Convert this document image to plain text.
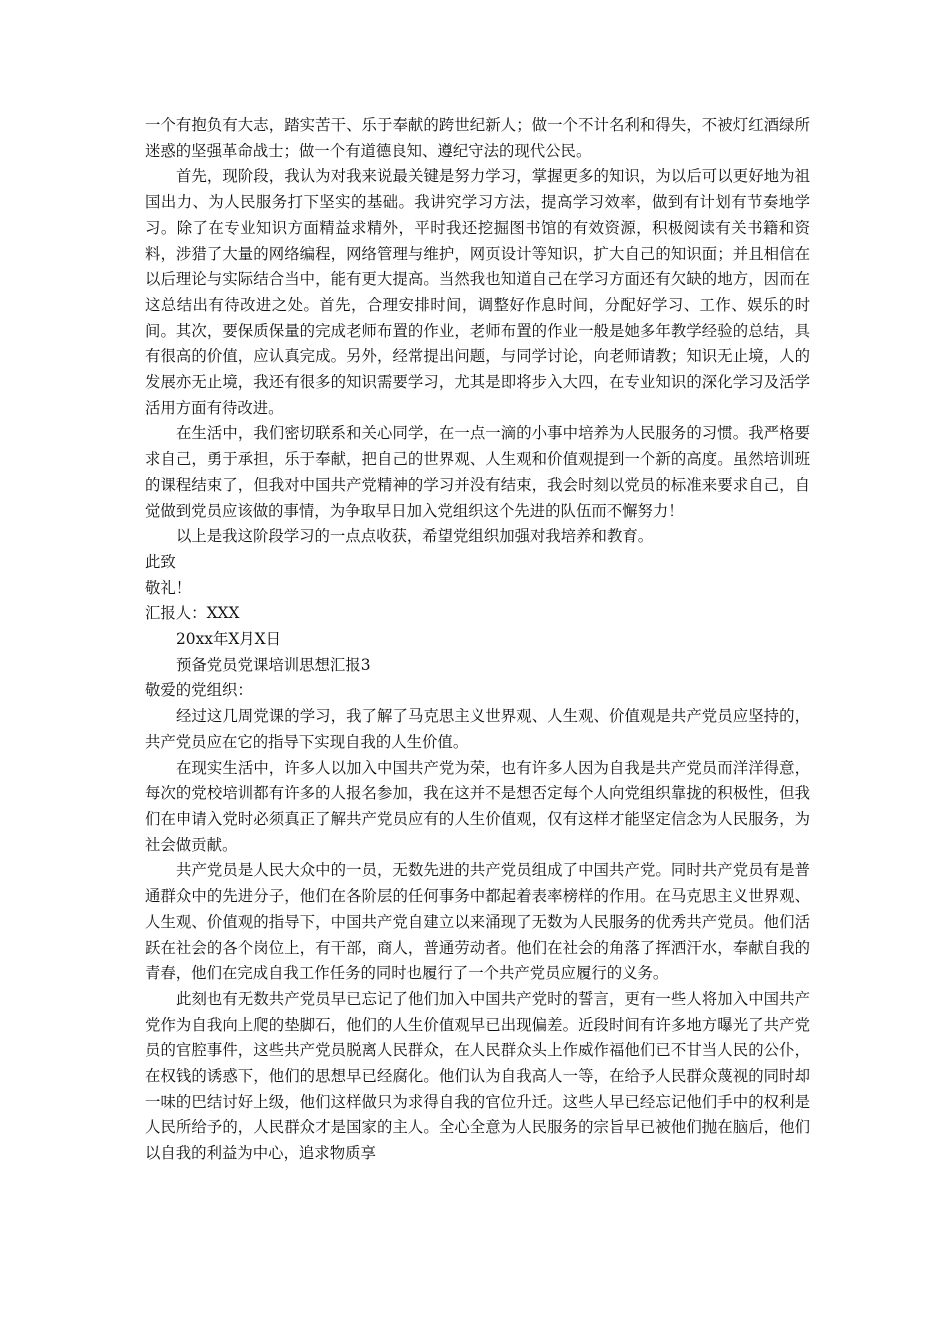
一个有抱负有大志，踏实苦干、乐于奉献的跨世纪新人；做一个不计名利和得失，不被灯红酒绿所迷惑的坚强革命战士；做一个有道德良知、遵纪守法的现代公民。

首先，现阶段，我认为对我来说最关键是努力学习，掌握更多的知识，为以后可以更好地为祖国出力、为人民服务打下坚实的基础。我讲究学习方法，提高学习效率，做到有计划有节奏地学习。除了在专业知识方面精益求精外，平时我还挖掘图书馆的有效资源，积极阅读有关书籍和资料，涉猎了大量的网络编程，网络管理与维护，网页设计等知识，扩大自己的知识面；并且相信在以后理论与实际结合当中，能有更大提高。当然我也知道自己在学习方面还有欠缺的地方，因而在这总结出有待改进之处。首先，合理安排时间，调整好作息时间，分配好学习、工作、娱乐的时间。其次，要保质保量的完成老师布置的作业，老师布置的作业一般是她多年教学经验的总结，具有很高的价值，应认真完成。另外，经常提出问题，与同学讨论，向老师请教；知识无止境，人的发展亦无止境，我还有很多的知识需要学习，尤其是即将步入大四，在专业知识的深化学习及活学活用方面有待改进。

在生活中，我们密切联系和关心同学，在一点一滴的小事中培养为人民服务的习惯。我严格要求自己，勇于承担，乐于奉献，把自己的世界观、人生观和价值观提到一个新的高度。虽然培训班的课程结束了，但我对中国共产党精神的学习并没有结束，我会时刻以党员的标准来要求自己，自觉做到党员应该做的事情，为争取早日加入党组织这个先进的队伍而不懈努力！

以上是我这阶段学习的一点点收获，希望党组织加强对我培养和教育。

此致

敬礼！

汇报人：XXX

20xx年X月X日

预备党员党课培训思想汇报3

敬爱的党组织：

经过这几周党课的学习，我了解了马克思主义世界观、人生观、价值观是共产党员应坚持的，共产党员应在它的指导下实现自我的人生价值。

在现实生活中，许多人以加入中国共产党为荣，也有许多人因为自我是共产党员而洋洋得意，每次的党校培训都有许多的人报名参加，我在这并不是想否定每个人向党组织靠拢的积极性，但我们在申请入党时必须真正了解共产党员应有的人生价值观，仅有这样才能坚定信念为人民服务，为社会做贡献。

共产党员是人民大众中的一员，无数先进的共产党员组成了中国共产党。同时共产党员有是普通群众中的先进分子，他们在各阶层的任何事务中都起着表率榜样的作用。在马克思主义世界观、人生观、价值观的指导下，中国共产党自建立以来涌现了无数为人民服务的优秀共产党员。他们活跃在社会的各个岗位上，有干部，商人，普通劳动者。他们在社会的角落了挥洒汗水，奉献自我的青春，他们在完成自我工作任务的同时也履行了一个共产党员应履行的义务。

此刻也有无数共产党员早已忘记了他们加入中国共产党时的誓言，更有一些人将加入中国共产党作为自我向上爬的垫脚石，他们的人生价值观早已出现偏差。近段时间有许多地方曝光了共产党员的官腔事件，这些共产党员脱离人民群众，在人民群众头上作威作福他们已不甘当人民的公仆，在权钱的诱惑下，他们的思想早已经腐化。他们认为自我高人一等，在给予人民群众蔑视的同时却一味的巴结讨好上级，他们这样做只为求得自我的官位升迁。这些人早已经忘记他们手中的权利是人民所给予的，人民群众才是国家的主人。全心全意为人民服务的宗旨早已被他们抛在脑后，他们以自我的利益为中心，追求物质享
